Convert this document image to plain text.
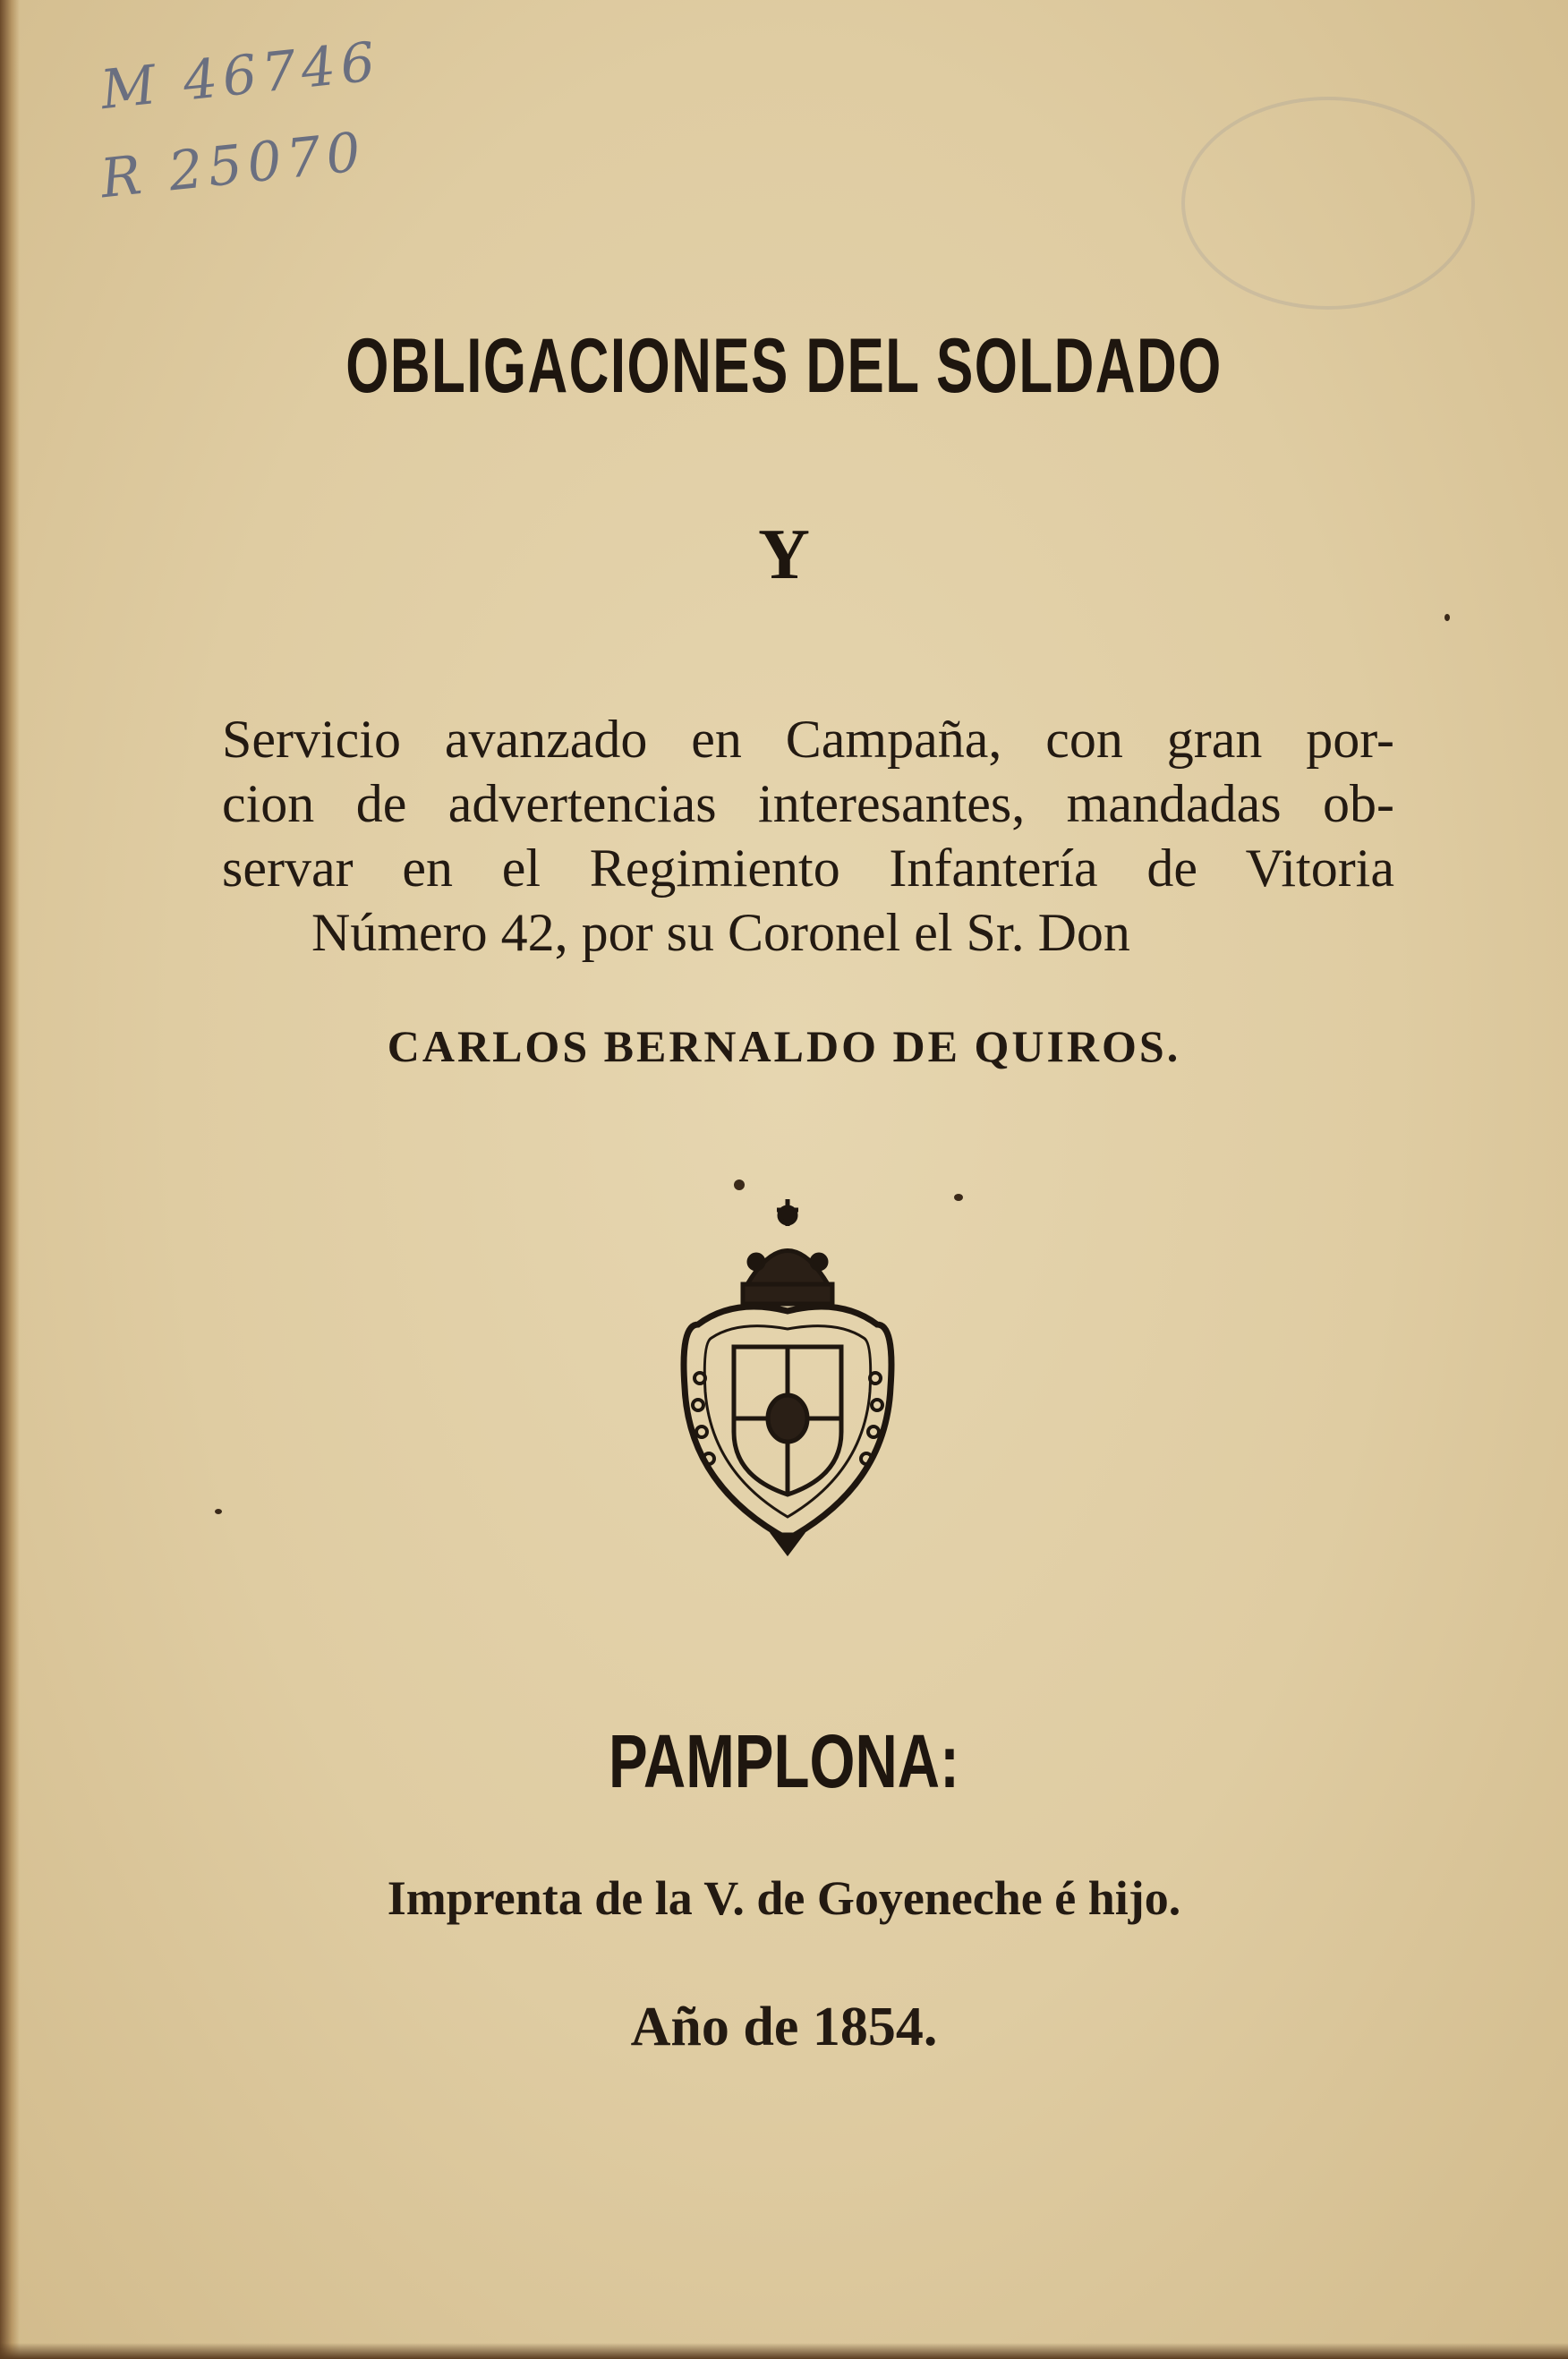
M 46746
R 25070
OBLIGACIONES DEL SOLDADO
Y
Servicio avanzado en Campaña, con gran por-
cion de advertencias interesantes, mandadas ob-
servar en el Regimiento Infantería de Vitoria
Número 42, por su Coronel el Sr. Don
CARLOS BERNALDO DE QUIROS.
PAMPLONA:
Imprenta de la V. de Goyeneche é hijo.
Año de 1854.
